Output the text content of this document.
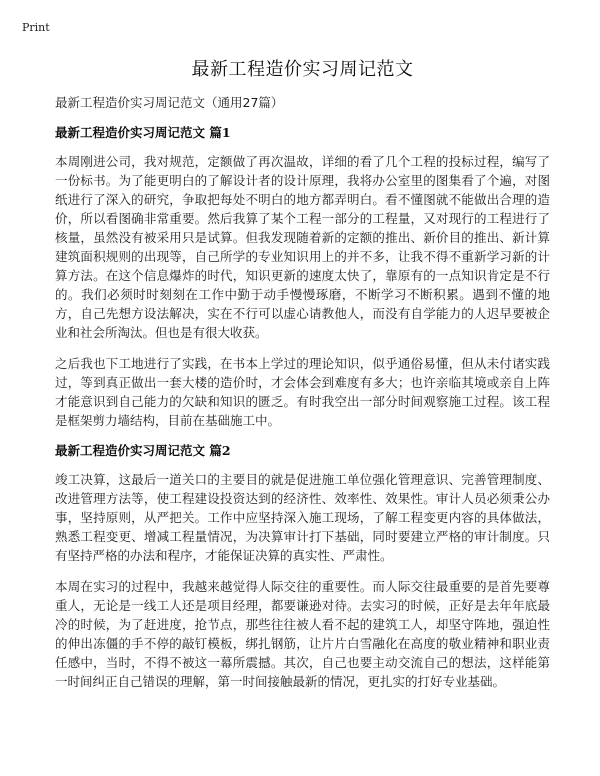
Print
最新工程造价实习周记范文
最新工程造价实习周记范文（通用27篇）
最新工程造价实习周记范文 篇1

本周刚进公司，我对规范，定额做了再次温故，详细的看了几个工程的投标过程，编写了一份标书。为了能更明白的了解设计者的设计原理，我将办公室里的图集看了个遍，对图纸进行了深入的研究，争取把每处不明白的地方都弄明白。看不懂图就不能做出合理的造价，所以看图确非常重要。然后我算了某个工程一部分的工程量，又对现行的工程进行了核量，虽然没有被采用只是试算。但我发现随着新的定额的推出、新价目的推出、新计算建筑面积规则的出现等，自己所学的专业知识用上的并不多，让我不得不重新学习新的计算方法。在这个信息爆炸的时代，知识更新的速度太快了，靠原有的一点知识肯定是不行的。我们必须时时刻刻在工作中勤于动手慢慢琢磨，不断学习不断积累。遇到不懂的地方，自己先想方设法解决，实在不行可以虚心请教他人，而没有自学能力的人迟早要被企业和社会所淘汰。但也是有很大收获。

之后我也下工地进行了实践，在书本上学过的理论知识，似乎通俗易懂，但从未付诸实践过，等到真正做出一套大楼的造价时，才会体会到难度有多大；也许亲临其境或亲自上阵才能意识到自己能力的欠缺和知识的匮乏。有时我空出一部分时间观察施工过程。该工程是框架剪力墙结构，目前在基础施工中。

最新工程造价实习周记范文 篇2

竣工决算，这最后一道关口的主要目的就是促进施工单位强化管理意识、完善管理制度、改进管理方法等，使工程建设投资达到的经济性、效率性、效果性。审计人员必须秉公办事，坚持原则，从严把关。工作中应坚持深入施工现场，了解工程变更内容的具体做法，熟悉工程变更、增减工程量情况，为决算审计打下基础，同时要建立严格的审计制度。只有坚持严格的办法和程序，才能保证决算的真实性、严肃性。

本周在实习的过程中，我越来越觉得人际交往的重要性。而人际交往最重要的是首先要尊重人，无论是一线工人还是项目经理，都要谦逊对待。去实习的时候，正好是去年年底最冷的时候，为了赶进度，抢节点，那些往往被人看不起的建筑工人，却坚守阵地，强迫性的伸出冻僵的手不停的敲钉模板，绑扎钢筋，让片片白雪融化在高度的敬业精神和职业责任感中，当时，不得不被这一幕所震撼。其次，自己也要主动交流自己的想法，这样能第一时间纠正自己错误的理解，第一时间接触最新的情况，更扎实的打好专业基础。
